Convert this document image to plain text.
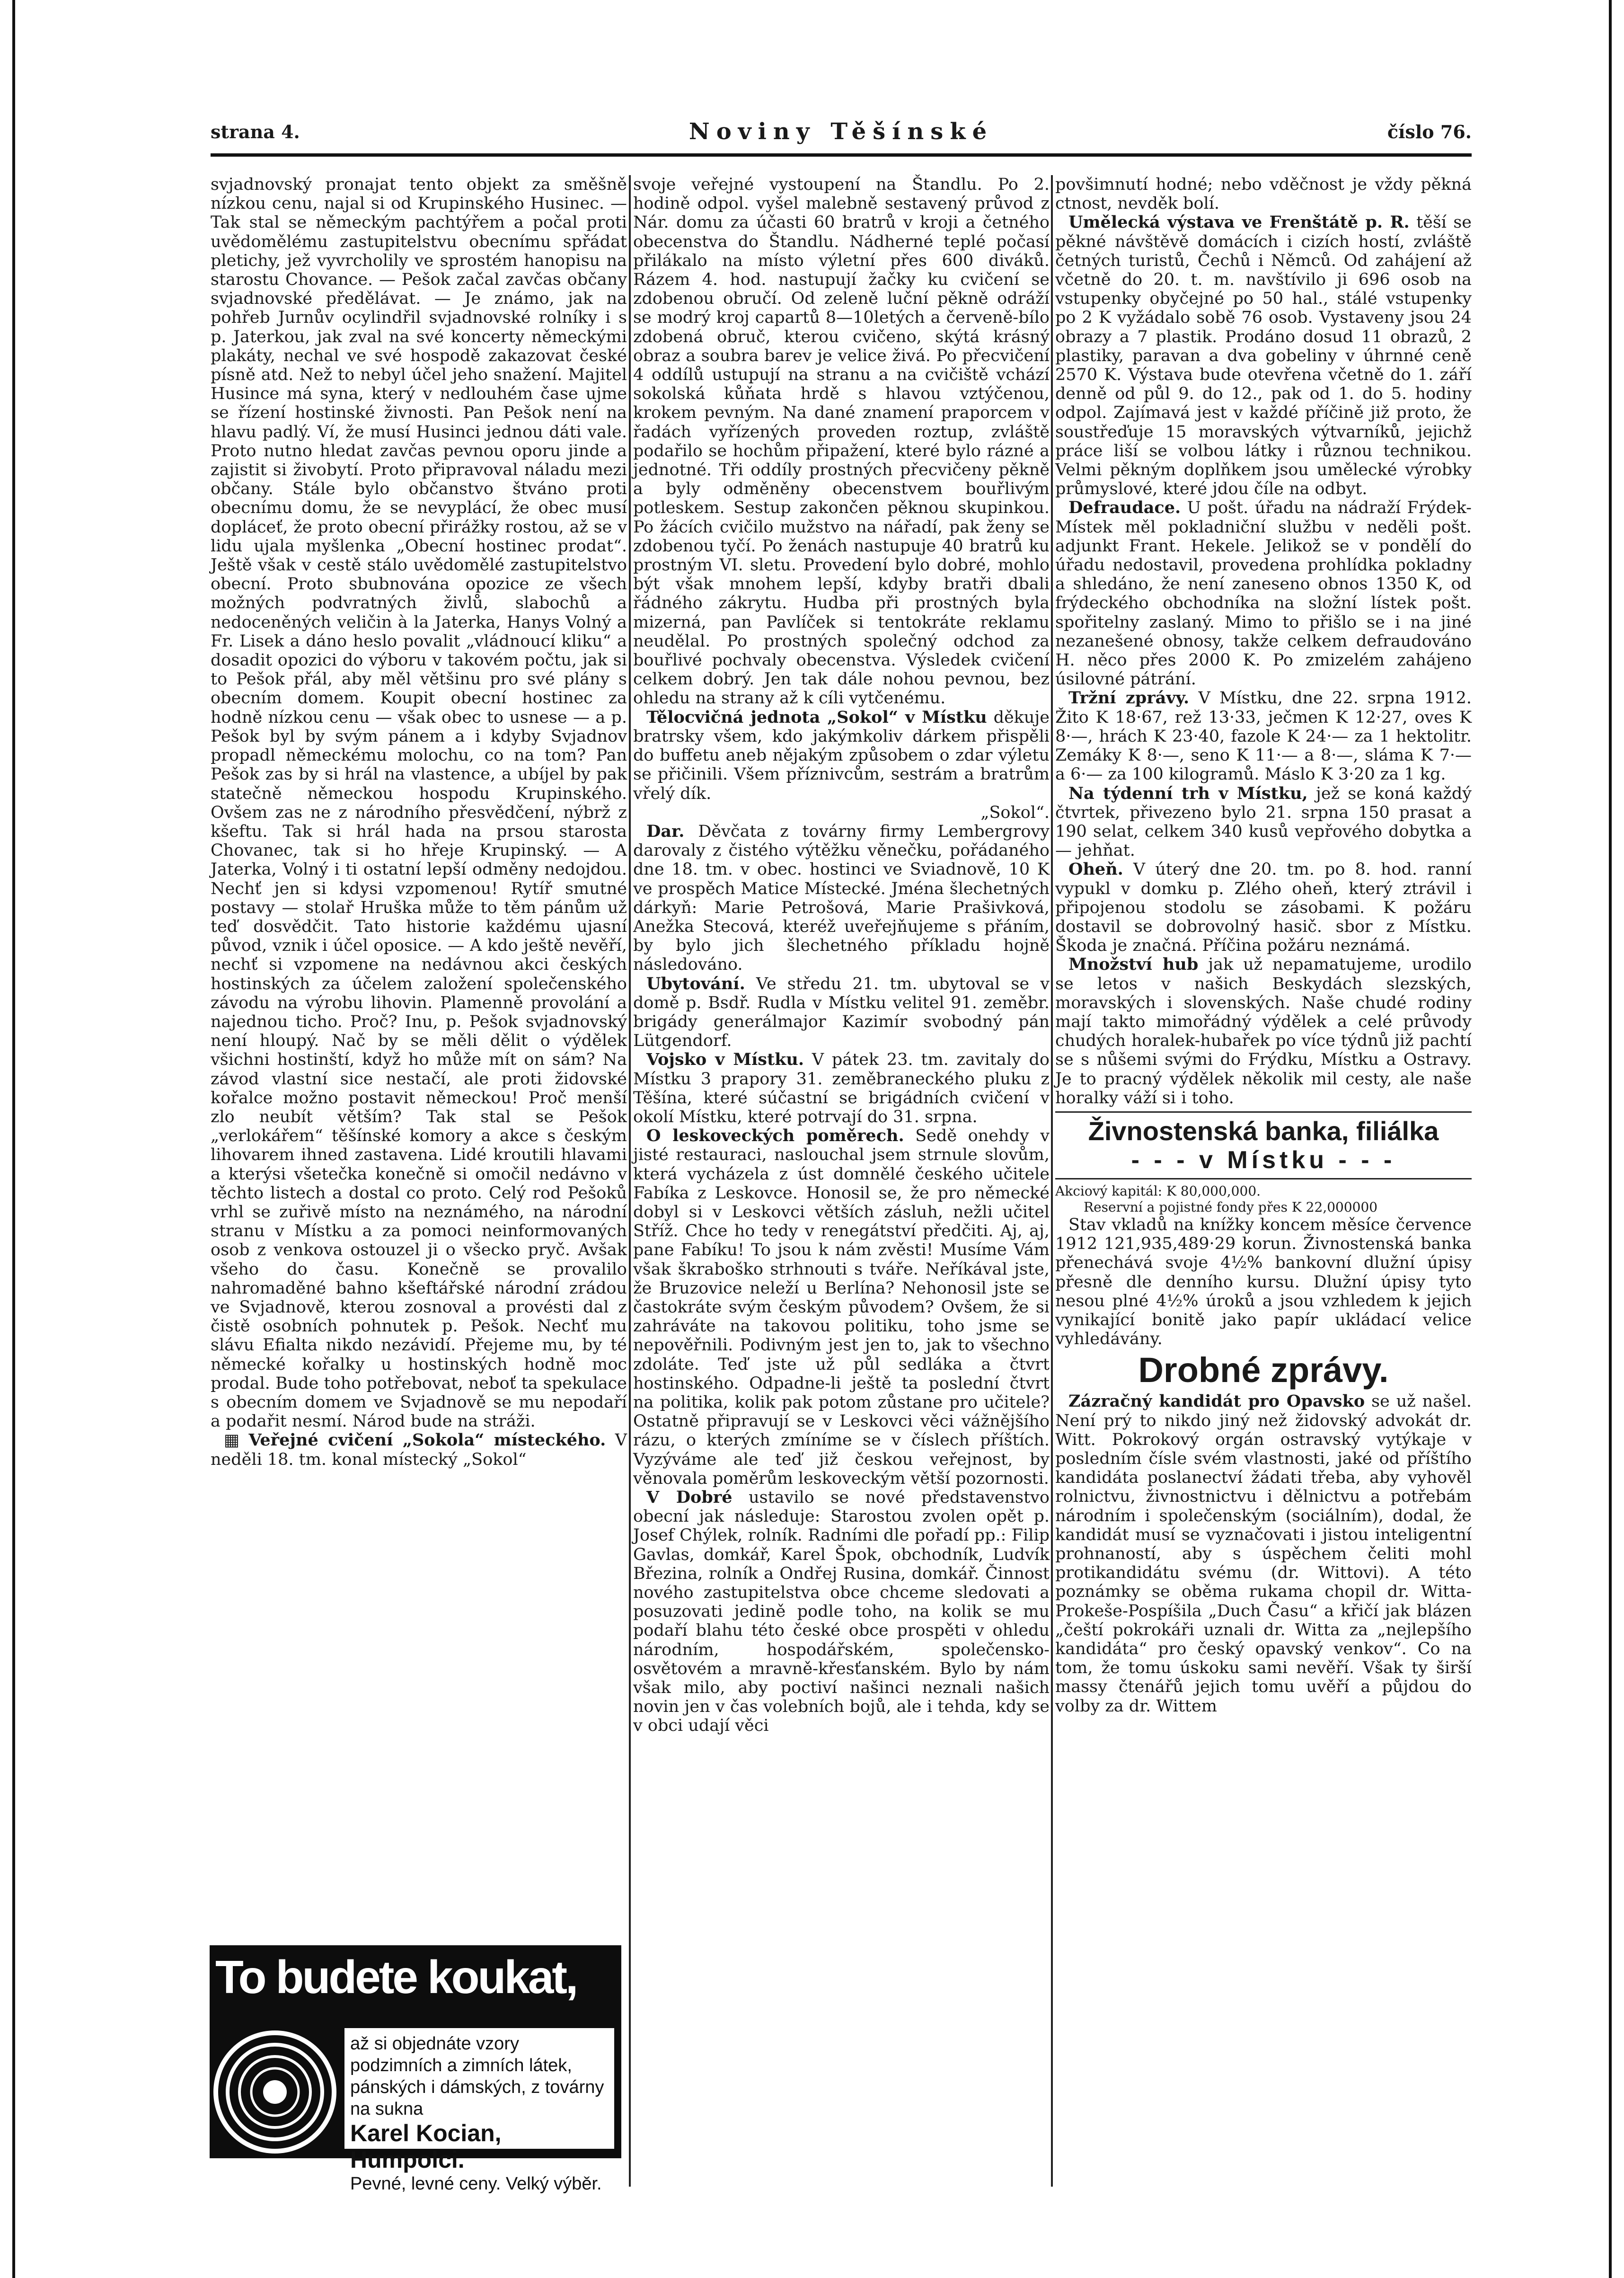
strana 4.	Noviny Těšínské	číslo 76.

svjadnovský pronajat tento objekt za směšně nízkou cenu, najal si od Krupinského Husinec. — Tak stal se německým pachtýřem a počal proti uvědomělému zastupitelstvu obecnímu spřádat pletichy, jež vyvrcholily ve sprostém hanopisu na starostu Chovance. — Pešok začal zavčas občany svjadnovské předělávat. — Je známo, jak na pohřeb Jurnův ocylindřil svjadnovské rolníky i s p. Jaterkou, jak zval na své koncerty německými plakáty, nechal ve své hospodě zakazovat české písně atd. Než to nebyl účel jeho snažení. Majitel Husince má syna, který v nedlouhém čase ujme se řízení hostinské živnosti. Pan Pešok není na hlavu padlý. Ví, že musí Husinci jednou dáti vale. Proto nutno hledat zavčas pevnou oporu jinde a zajistit si živobytí. Proto připravoval náladu mezi občany. Stále bylo občanstvo štváno proti obecnímu domu, že se nevyplácí, že obec musí dopláceť, že proto obecní přirážky rostou, až se v lidu ujala myšlenka „Obecní hostinec prodat“. Ještě však v cestě stálo uvědomělé zastupitelstvo obecní. Proto sbubnována opozice ze všech možných podvratných živlů, slabochů a nedoceněných veličin à la Jaterka, Hanys Volný a Fr. Lisek a dáno heslo povalit „vládnoucí kliku“ a dosadit opozici do výboru v takovém počtu, jak si to Pešok přál, aby měl většinu pro své plány s obecním domem. Koupit obecní hostinec za hodně nízkou cenu — však obec to usnese — a p. Pešok byl by svým pánem a i kdyby Svjadnov propadl německému molochu, co na tom? Pan Pešok zas by si hrál na vlastence, a ubíjel by pak statečně německou hospodu Krupinského. Ovšem zas ne z národního přesvědčení, nýbrž z kšeftu. Tak si hrál hada na prsou starosta Chovanec, tak si ho hřeje Krupinský. — A Jaterka, Volný i ti ostatní lepší odměny nedojdou. Nechť jen si kdysi vzpomenou! Rytíř smutné postavy — stolař Hruška může to těm pánům už teď dosvědčit. Tato historie každému ujasní původ, vznik i účel oposice. — A kdo ještě nevěří, nechť si vzpomene na nedávnou akci českých hostinských za účelem založení společenského závodu na výrobu lihovin. Plamenně provolání a najednou ticho. Proč? Inu, p. Pešok svjadnovský není hloupý. Nač by se měli dělit o výdělek všichni hostinští, když ho může mít on sám? Na závod vlastní sice nestačí, ale proti židovské kořalce možno postavit německou! Proč menší zlo neubít větším? Tak stal se Pešok „verlokářem“ těšínské komory a akce s českým lihovarem ihned zastavena. Lidé kroutili hlavami a kterýsi všetečka konečně si omočil nedávno v těchto listech a dostal co proto. Celý rod Pešoků vrhl se zuřivě místo na neznámého, na národní stranu v Místku a za pomoci neinformovaných osob z venkova ostouzel ji o všecko pryč. Avšak všeho do času. Konečně se provalilo nahromaděné bahno kšeftářské národní zrádou ve Svjadnově, kterou zosnoval a provésti dal z čistě osobních pohnutek p. Pešok. Nechť mu slávu Efialta nikdo nezávidí. Přejeme mu, by té německé kořalky u hostinských hodně moc prodal. Bude toho potřebovat, neboť ta spekulace s obecním domem ve Svjadnově se mu nepodaří a podařit nesmí. Národ bude na stráži.

▦ Veřejné cvičení „Sokola“ místeckého. V neděli 18. tm. konal místecký „Sokol“

To budete koukat,
až si objednáte vzory podzimních a zimních látek, pánských i dámských, z továrny na sukna
Karel Kocian, Humpolci.
Pevné, levné ceny. Velký výběr.

svoje veřejné vystoupení na Štandlu. Po 2. hodině odpol. vyšel malebně sestavený průvod z Nár. domu za účasti 60 bratrů v kroji a četného obecenstva do Štandlu. Nádherné teplé počasí přilákalo na místo výletní přes 600 diváků. Rázem 4. hod. nastupují žačky ku cvičení se zdobenou obručí. Od zeleně luční pěkně odráží se modrý kroj capartů 8—10letých a červeně-bílo zdobená obruč, kterou cvičeno, skýtá krásný obraz a soubra barev je velice živá. Po přecvičení 4 oddílů ustupují na stranu a na cvičiště vchází sokolská kůňata hrdě s hlavou vztýčenou, krokem pevným. Na dané znamení praporcem v řadách vyřízených proveden roztup, zvláště podařilo se hochům připažení, které bylo rázné a jednotné. Tři oddíly prostných přecvičeny pěkně a byly odměněny obecenstvem bouřlivým potleskem. Sestup zakončen pěknou skupinkou. Po žácích cvičilo mužstvo na nářadí, pak ženy se zdobenou tyčí. Po ženách nastupuje 40 bratrů ku prostným VI. sletu. Provedení bylo dobré, mohlo být však mnohem lepší, kdyby bratři dbali řádného zákrytu. Hudba při prostných byla mizerná, pan Pavlíček si tentokráte reklamu neudělal. Po prostných společný odchod za bouřlivé pochvaly obecenstva. Výsledek cvičení celkem dobrý. Jen tak dále nohou pevnou, bez ohledu na strany až k cíli vytčenému.

Tělocvičná jednota „Sokol“ v Místku děkuje bratrsky všem, kdo jakýmkoliv dárkem přispěli do buffetu aneb nějakým způsobem o zdar výletu se přičinili. Všem příznivcům, sestrám a bratrům vřelý dík.

„Sokol“.

Dar. Děvčata z továrny firmy Lembergrovy darovaly z čistého výtěžku věnečku, pořádaného dne 18. tm. v obec. hostinci ve Sviadnově, 10 K ve prospěch Matice Místecké. Jména šlechetných dárkyň: Marie Petrošová, Marie Prašivková, Anežka Stecová, kteréž uveřejňujeme s přáním, by bylo jich šlechetného příkladu hojně následováno.

Ubytování. Ve středu 21. tm. ubytoval se v domě p. Bsdř. Rudla v Místku velitel 91. zeměbr. brigády generálmajor Kazimír svobodný pán Lütgendorf.

Vojsko v Místku. V pátek 23. tm. zavitaly do Místku 3 prapory 31. zeměbraneckého pluku z Těšína, které súčastní se brigádních cvičení v okolí Místku, které potrvají do 31. srpna.

O leskoveckých poměrech. Sedě onehdy v jisté restauraci, naslouchal jsem strnule slovům, která vycházela z úst domnělé českého učitele Fabíka z Leskovce. Honosil se, že pro německé dobyl si v Leskovci větších zásluh, nežli učitel Stříž. Chce ho tedy v renegátství předčiti. Aj, aj, pane Fabíku! To jsou k nám zvěsti! Musíme Vám však škraboško strhnouti s tváře. Neříkával jste, že Bruzovice neleží u Berlína? Nehonosil jste se častokráte svým českým původem? Ovšem, že si zahráváte na takovou politiku, toho jsme se nepověřnili. Podivným jest jen to, jak to všechno zdoláte. Teď jste už půl sedláka a čtvrt hostinského. Odpadne-li ještě ta poslední čtvrt na politika, kolik pak potom zůstane pro učitele? Ostatně připravují se v Leskovci věci vážnějšího rázu, o kterých zmíníme se v číslech příštích. Vyzýváme ale teď již českou veřejnost, by věnovala poměrům leskoveckým větší pozornosti.

V Dobré ustavilo se nové představenstvo obecní jak následuje: Starostou zvolen opět p. Josef Chýlek, rolník. Radními dle pořadí pp.: Filip Gavlas, domkář, Karel Špok, obchodník, Ludvík Březina, rolník a Ondřej Rusina, domkář. Činnost nového zastupitelstva obce chceme sledovati a posuzovati jedině podle toho, na kolik se mu podaří blahu této české obce prospěti v ohledu národním, hospodářském, společensko-osvětovém a mravně-křesťanském. Bylo by nám však milo, aby poctiví našinci neznali našich novin jen v čas volebních bojů, ale i tehda, kdy se v obci udají věci

povšimnutí hodné; nebo vděčnost je vždy pěkná ctnost, nevděk bolí.

Umělecká výstava ve Frenštátě p. R. těší se pěkné návštěvě domácích i cizích hostí, zvláště četných turistů, Čechů i Němců. Od zahájení až včetně do 20. t. m. navštívilo ji 696 osob na vstupenky obyčejné po 50 hal., stálé vstupenky po 2 K vyžádalo sobě 76 osob. Vystaveny jsou 24 obrazy a 7 plastik. Prodáno dosud 11 obrazů, 2 plastiky, paravan a dva gobeliny v úhrnné ceně 2570 K. Výstava bude otevřena včetně do 1. září denně od půl 9. do 12., pak od 1. do 5. hodiny odpol. Zajímavá jest v každé příčině již proto, že soustřeďuje 15 moravských výtvarníků, jejichž práce liší se volbou látky i různou technikou. Velmi pěkným doplňkem jsou umělecké výrobky průmyslové, které jdou číle na odbyt.

Defraudace. U pošt. úřadu na nádraží Frýdek-Místek měl pokladniční službu v neděli pošt. adjunkt Frant. Hekele. Jelikož se v pondělí do úřadu nedostavil, provedena prohlídka pokladny a shledáno, že není zaneseno obnos 1350 K, od frýdeckého obchodníka na složní lístek pošt. spořitelny zaslaný. Mimo to přišlo se i na jiné nezanešené obnosy, takže celkem defraudováno H. něco přes 2000 K. Po zmizelém zahájeno úsilovné pátrání.

Tržní zprávy. V Místku, dne 22. srpna 1912. Žito K 18·67, rež 13·33, ječmen K 12·27, oves K 8·—, hrách K 23·40, fazole K 24·— za 1 hektolitr. Zemáky K 8·—, seno K 11·— a 8·—, sláma K 7·— a 6·— za 100 kilogramů. Máslo K 3·20 za 1 kg.

Na týdenní trh v Místku, jež se koná každý čtvrtek, přivezeno bylo 21. srpna 150 prasat a 190 selat, celkem 340 kusů vepřového dobytka a — jehňat.

Oheň. V úterý dne 20. tm. po 8. hod. ranní vypukl v domku p. Zlého oheň, který ztrávil i připojenou stodolu se zásobami. K požáru dostavil se dobrovolný hasič. sbor z Místku. Škoda je značná. Příčina požáru neznámá.

Množství hub jak už nepamatujeme, urodilo se letos v našich Beskydách slezských, moravských i slovenských. Naše chudé rodiny mají takto mimořádný výdělek a celé průvody chudých horalek-hubařek po více týdnů již pachtí se s nůšemi svými do Frýdku, Místku a Ostravy. Je to pracný výdělek několik mil cesty, ale naše horalky váží si i toho.

Živnostenská banka, filiálka
- - - v Místku - - -
Akciový kapitál: K 80,000,000.
Reservní a pojistné fondy přes K 22,000000

Stav vkladů na knížky koncem měsíce července 1912 121,935,489·29 korun. Živnostenská banka přenechává svoje 4½% bankovní dlužní úpisy přesně dle denního kursu. Dlužní úpisy tyto nesou plné 4½% úroků a jsou vzhledem k jejich vynikající bonitě jako papír ukládací velice vyhledávány.

Drobné zprávy.

Zázračný kandidát pro Opavsko se už našel. Není prý to nikdo jiný než židovský advokát dr. Witt. Pokrokový orgán ostravský vytýkaje v posledním čísle svém vlastnosti, jaké od příštího kandidáta poslanectví žádati třeba, aby vyhověl rolnictvu, živnostnictvu i dělnictvu a potřebám národním i společenským (sociálním), dodal, že kandidát musí se vyznačovati i jistou inteligentní prohnaností, aby s úspěchem čeliti mohl protikandidátu svému (dr. Wittovi). A této poznámky se oběma rukama chopil dr. Witta-Prokeše-Pospíšila „Duch Času“ a křičí jak blázen „čeští pokrokáři uznali dr. Witta za „nejlepšího kandidáta“ pro český opavský venkov“. Co na tom, že tomu úskoku sami nevěří. Však ty širší massy čtenářů jejich tomu uvěří a půjdou do volby za dr. Wittem
